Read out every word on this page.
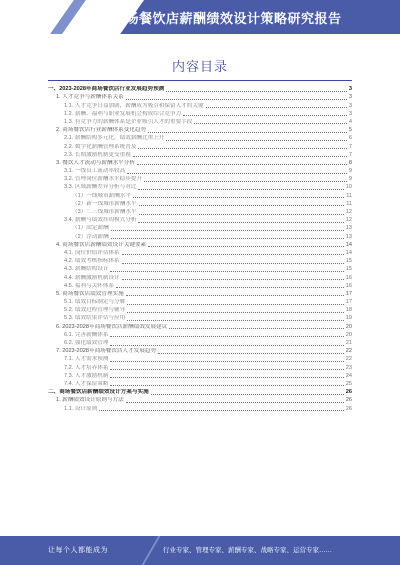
商场餐饮店薪酬绩效设计策略研究报告
内容目录
一、2023-2028年商场餐饮店行业发展趋势预测	3
1. 人才竞争与薪酬体系关系	3
1.1. 人才竞争日益加剧，薪酬成为吸引和保留人才的关键	3
1.2. 薪酬、福利与职业发展机会构成综合竞争力	3
1.3. 有竞争力的薪酬体系是企业吸引人才的重要手段	4
2. 商场餐饮店行业薪酬体系变化趋势	5
2.1. 薪酬结构多元化，绩效薪酬比重上升	6
2.2. 数字化薪酬管理系统普及	7
2.3. 长期激励机制更受重视	7
3. 餐饮人才流动与薪酬水平分析	8
3.1. 一线员工流动率较高	9
3.2. 管理岗位薪酬水平稳步提升	9
3.3. 区域薪酬差异分析与对比	10
（1）一线城市薪酬水平	11
（2）新一线城市薪酬水平	11
（3）二三线城市薪酬水平	12
3.4. 薪酬与绩效挂钩模式分析	12
（1）固定薪酬	13
（2）浮动薪酬	13
4. 商场餐饮店薪酬绩效设计关键要素	14
4.1. 岗位价值评估体系	14
4.2. 绩效考核指标体系	15
4.3. 薪酬结构设计	15
4.4. 薪酬激励机制设计	16
4.5. 福利与关怀体系	16
5. 商场餐饮店绩效管理实施	17
5.1. 绩效目标制定与分解	17
5.2. 绩效过程管理与辅导	18
5.3. 绩效结果评估与应用	19
6. 2023-2028年商场餐饮店薪酬绩效发展建议	20
6.1. 完善薪酬体系	20
6.2. 强化绩效管理	21
7. 2023-2028年商场餐饮店人才发展趋势	22
7.1. 人才需求预测	22
7.2. 人才培养体系	23
7.3. 人才激励机制	24
7.4. 人才保留策略	25
二、商场餐饮店薪酬绩效设计方案与实施	26
1. 薪酬绩效设计原则与方法	26
1.1. 设计原则	26
让每个人都能成为	行业专家、管理专家、薪酬专家、战略专家、运营专家……
